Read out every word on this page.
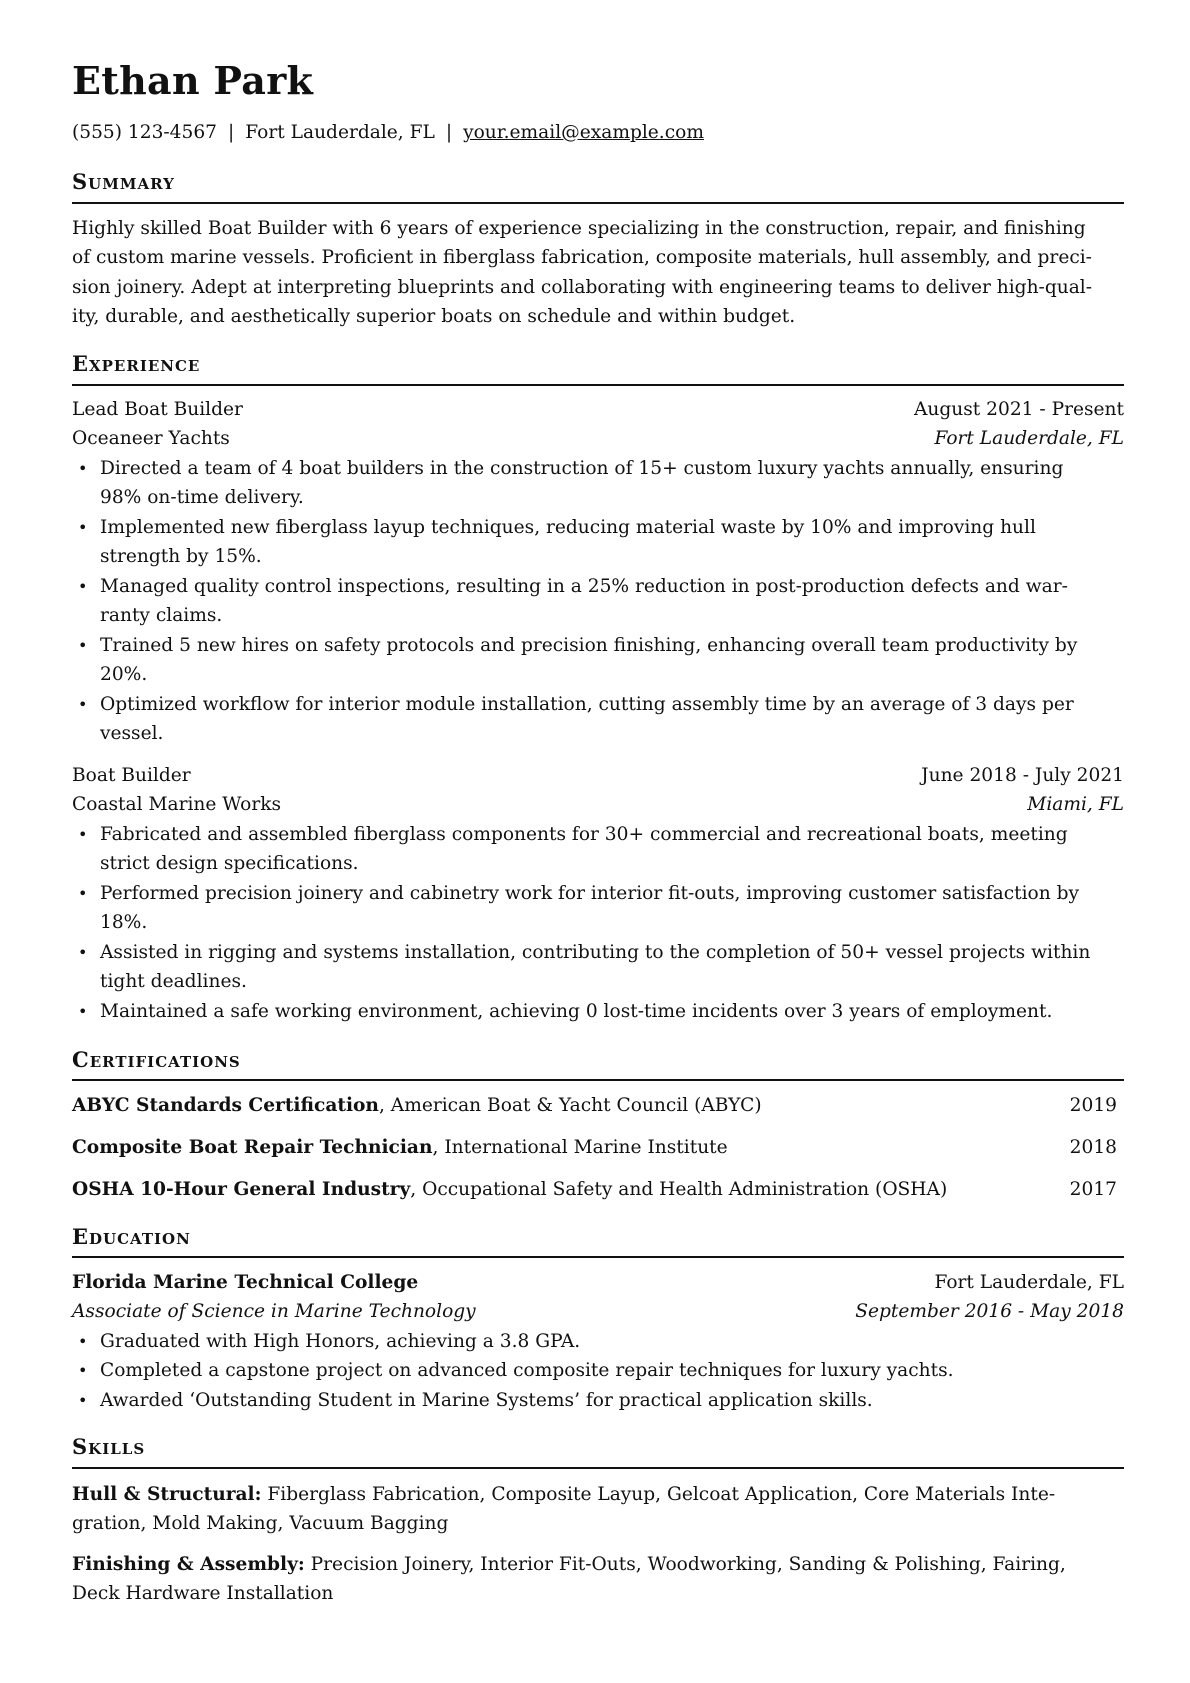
Ethan Park
(555) 123-4567 | Fort Lauderdale, FL | your.email@example.com
Summary
Highly skilled Boat Builder with 6 years of experience specializing in the construction, repair, and finishing
of custom marine vessels. Proficient in fiberglass fabrication, composite materials, hull assembly, and preci-
sion joinery. Adept at interpreting blueprints and collaborating with engineering teams to deliver high-qual-
ity, durable, and aesthetically superior boats on schedule and within budget.
Experience
Lead Boat Builder	August 2021 - Present
Oceaneer Yachts	Fort Lauderdale, FL
• Directed a team of 4 boat builders in the construction of 15+ custom luxury yachts annually, ensuring
98% on-time delivery.
• Implemented new fiberglass layup techniques, reducing material waste by 10% and improving hull
strength by 15%.
• Managed quality control inspections, resulting in a 25% reduction in post-production defects and war-
ranty claims.
• Trained 5 new hires on safety protocols and precision finishing, enhancing overall team productivity by
20%.
• Optimized workflow for interior module installation, cutting assembly time by an average of 3 days per
vessel.
Boat Builder	June 2018 - July 2021
Coastal Marine Works	Miami, FL
• Fabricated and assembled fiberglass components for 30+ commercial and recreational boats, meeting
strict design specifications.
• Performed precision joinery and cabinetry work for interior fit-outs, improving customer satisfaction by
18%.
• Assisted in rigging and systems installation, contributing to the completion of 50+ vessel projects within
tight deadlines.
• Maintained a safe working environment, achieving 0 lost-time incidents over 3 years of employment.
Certifications
ABYC Standards Certification, American Boat & Yacht Council (ABYC)	2019
Composite Boat Repair Technician, International Marine Institute	2018
OSHA 10-Hour General Industry, Occupational Safety and Health Administration (OSHA)	2017
Education
Florida Marine Technical College	Fort Lauderdale, FL
Associate of Science in Marine Technology	September 2016 - May 2018
• Graduated with High Honors, achieving a 3.8 GPA.
• Completed a capstone project on advanced composite repair techniques for luxury yachts.
• Awarded ‘Outstanding Student in Marine Systems’ for practical application skills.
Skills
Hull & Structural: Fiberglass Fabrication, Composite Layup, Gelcoat Application, Core Materials Inte-
gration, Mold Making, Vacuum Bagging
Finishing & Assembly: Precision Joinery, Interior Fit-Outs, Woodworking, Sanding & Polishing, Fairing,
Deck Hardware Installation
